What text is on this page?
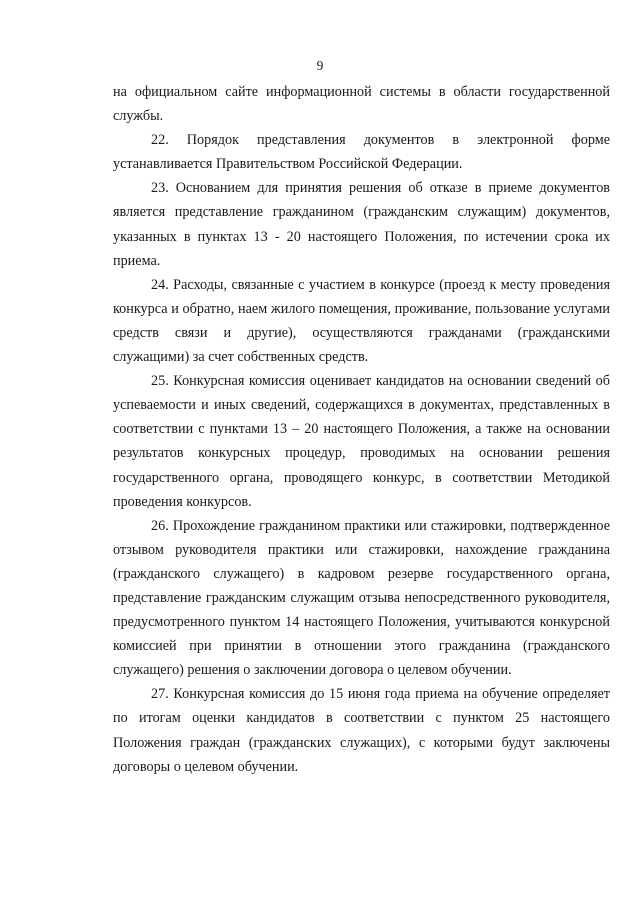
9

на официальном сайте информационной системы в области государственной службы.

22. Порядок представления документов в электронной форме устанавливается Правительством Российской Федерации.

23. Основанием для принятия решения об отказе в приеме документов является представление гражданином (гражданским служащим) документов, указанных в пунктах 13 - 20 настоящего Положения, по истечении срока их приема.

24. Расходы, связанные с участием в конкурсе (проезд к месту проведения конкурса и обратно, наем жилого помещения, проживание, пользование услугами средств связи и другие), осуществляются гражданами (гражданскими служащими) за счет собственных средств.

25. Конкурсная комиссия оценивает кандидатов на основании сведений об успеваемости и иных сведений, содержащихся в документах, представленных в соответствии с пунктами 13 – 20 настоящего Положения, а также на основании результатов конкурсных процедур, проводимых на основании решения государственного органа, проводящего конкурс, в соответствии Методикой проведения конкурсов.

26. Прохождение гражданином практики или стажировки, подтвержденное отзывом руководителя практики или стажировки, нахождение гражданина (гражданского служащего) в кадровом резерве государственного органа, представление гражданским служащим отзыва непосредственного руководителя, предусмотренного пунктом 14 настоящего Положения, учитываются конкурсной комиссией при принятии в отношении этого гражданина (гражданского служащего) решения о заключении договора о целевом обучении.

27. Конкурсная комиссия до 15 июня года приема на обучение определяет по итогам оценки кандидатов в соответствии с пунктом 25 настоящего Положения граждан (гражданских служащих), с которыми будут заключены договоры о целевом обучении.
